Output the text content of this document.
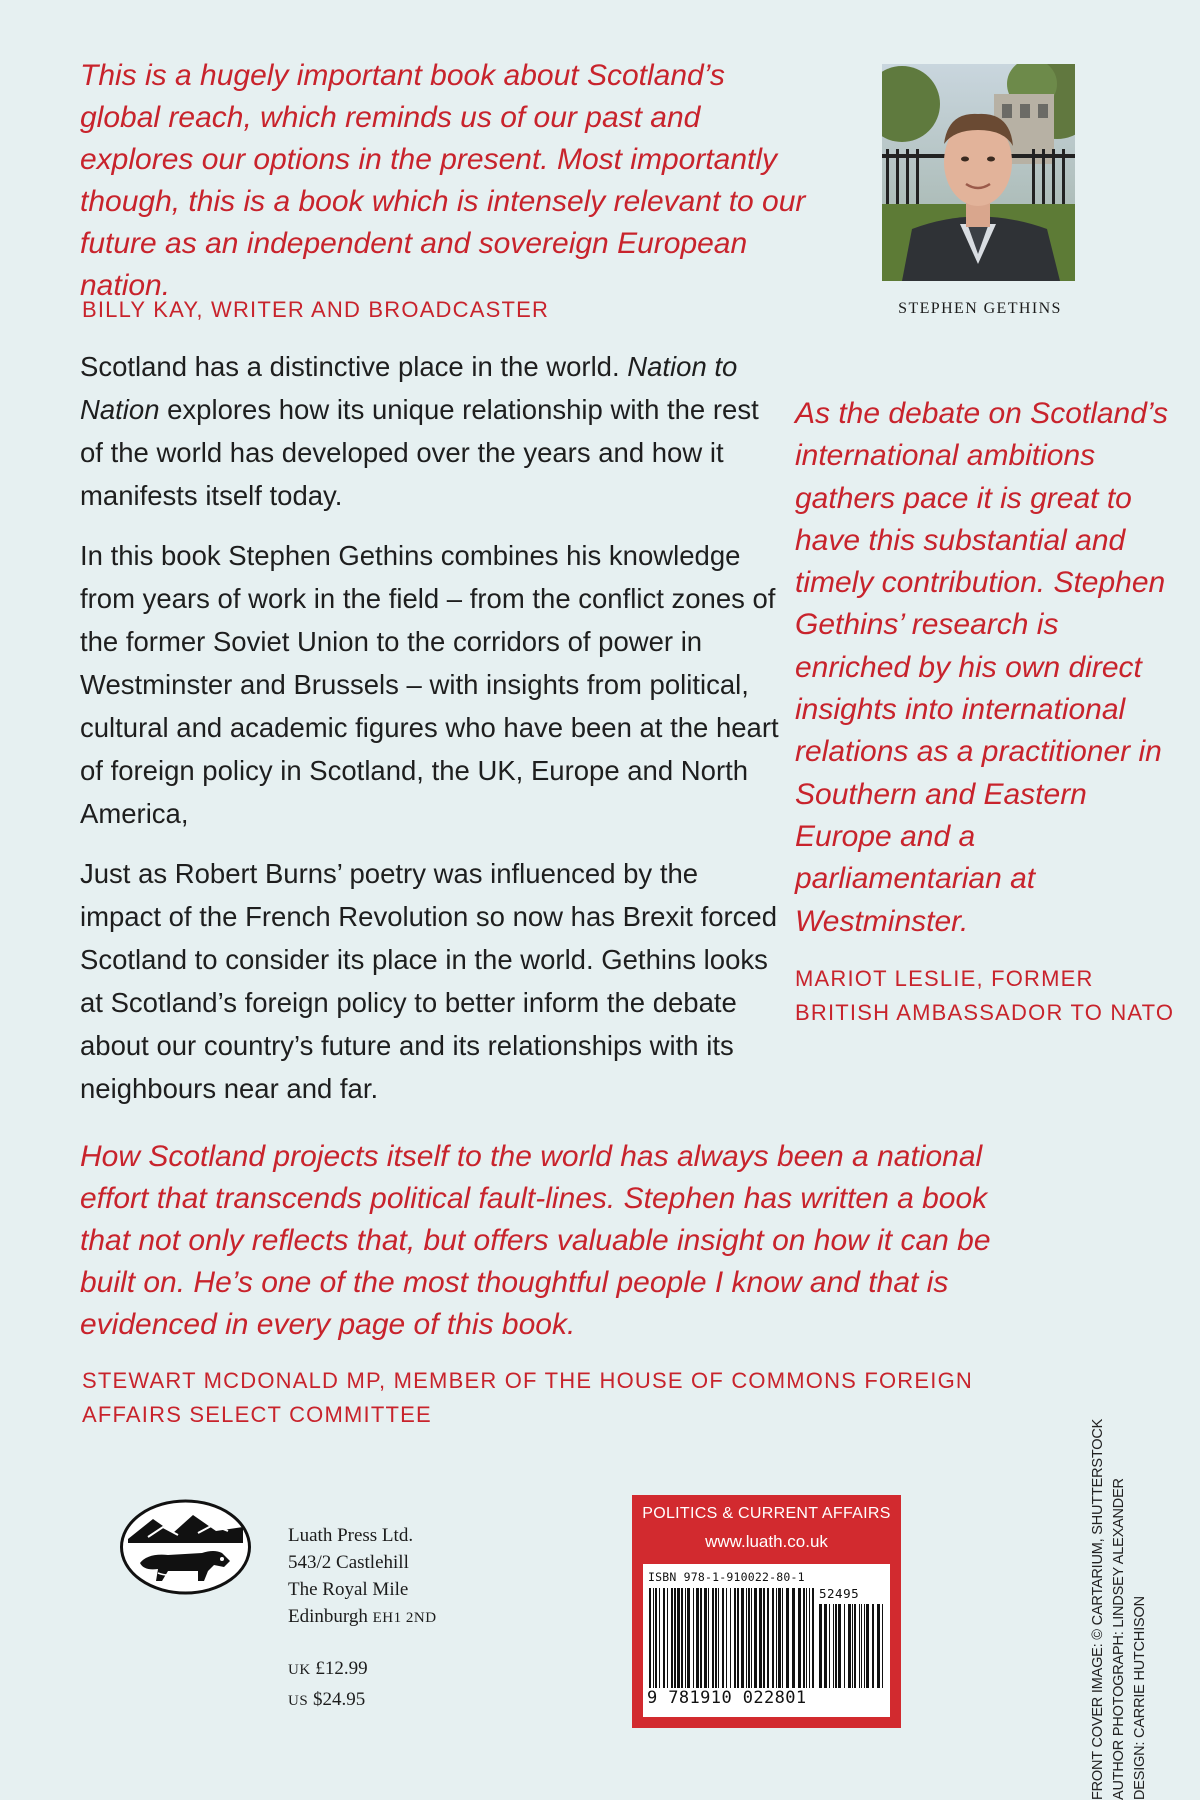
This is a hugely important book about Scotland’s global reach, which reminds us of our past and explores our options in the present. Most importantly though, this is a book which is intensely relevant to our future as an independent and sovereign European nation.

BILLY KAY, WRITER AND BROADCASTER	STEPHEN GETHINS

Scotland has a distinctive place in the world. Nation to Nation explores how its unique relationship with the rest of the world has developed over the years and how it manifests itself today.

In this book Stephen Gethins combines his knowledge from years of work in the field – from the conflict zones of the former Soviet Union to the corridors of power in Westminster and Brussels – with insights from political, cultural and academic figures who have been at the heart of foreign policy in Scotland, the UK, Europe and North America,

Just as Robert Burns’ poetry was influenced by the impact of the French Revolution so now has Brexit forced Scotland to consider its place in the world. Gethins looks at Scotland’s foreign policy to better inform the debate about our country’s future and its relationships with its neighbours near and far.

As the debate on Scotland’s international ambitions gathers pace it is great to have this substantial and timely contribution. Stephen Gethins’ research is enriched by his own direct insights into international relations as a practitioner in Southern and Eastern Europe and a parliamentarian at Westminster.

MARIOT LESLIE, FORMER BRITISH AMBASSADOR TO NATO

How Scotland projects itself to the world has always been a national effort that transcends political fault-lines. Stephen has written a book that not only reflects that, but offers valuable insight on how it can be built on. He’s one of the most thoughtful people I know and that is evidenced in every page of this book.

STEWART MCDONALD MP, MEMBER OF THE HOUSE OF COMMONS FOREIGN AFFAIRS SELECT COMMITTEE

Luath Press Ltd.
543/2 Castlehill
The Royal Mile
Edinburgh EH1 2ND
UK £12.99
US $24.95
POLITICS & CURRENT AFFAIRS
www.luath.co.uk
ISBN 978-1-910022-80-1
52495
9 781910 022801	FRONT COVER IMAGE: © CARTARIUM, SHUTTERSTOCK AUTHOR PHOTOGRAPH: LINDSEY ALEXANDER DESIGN: CARRIE HUTCHISON
